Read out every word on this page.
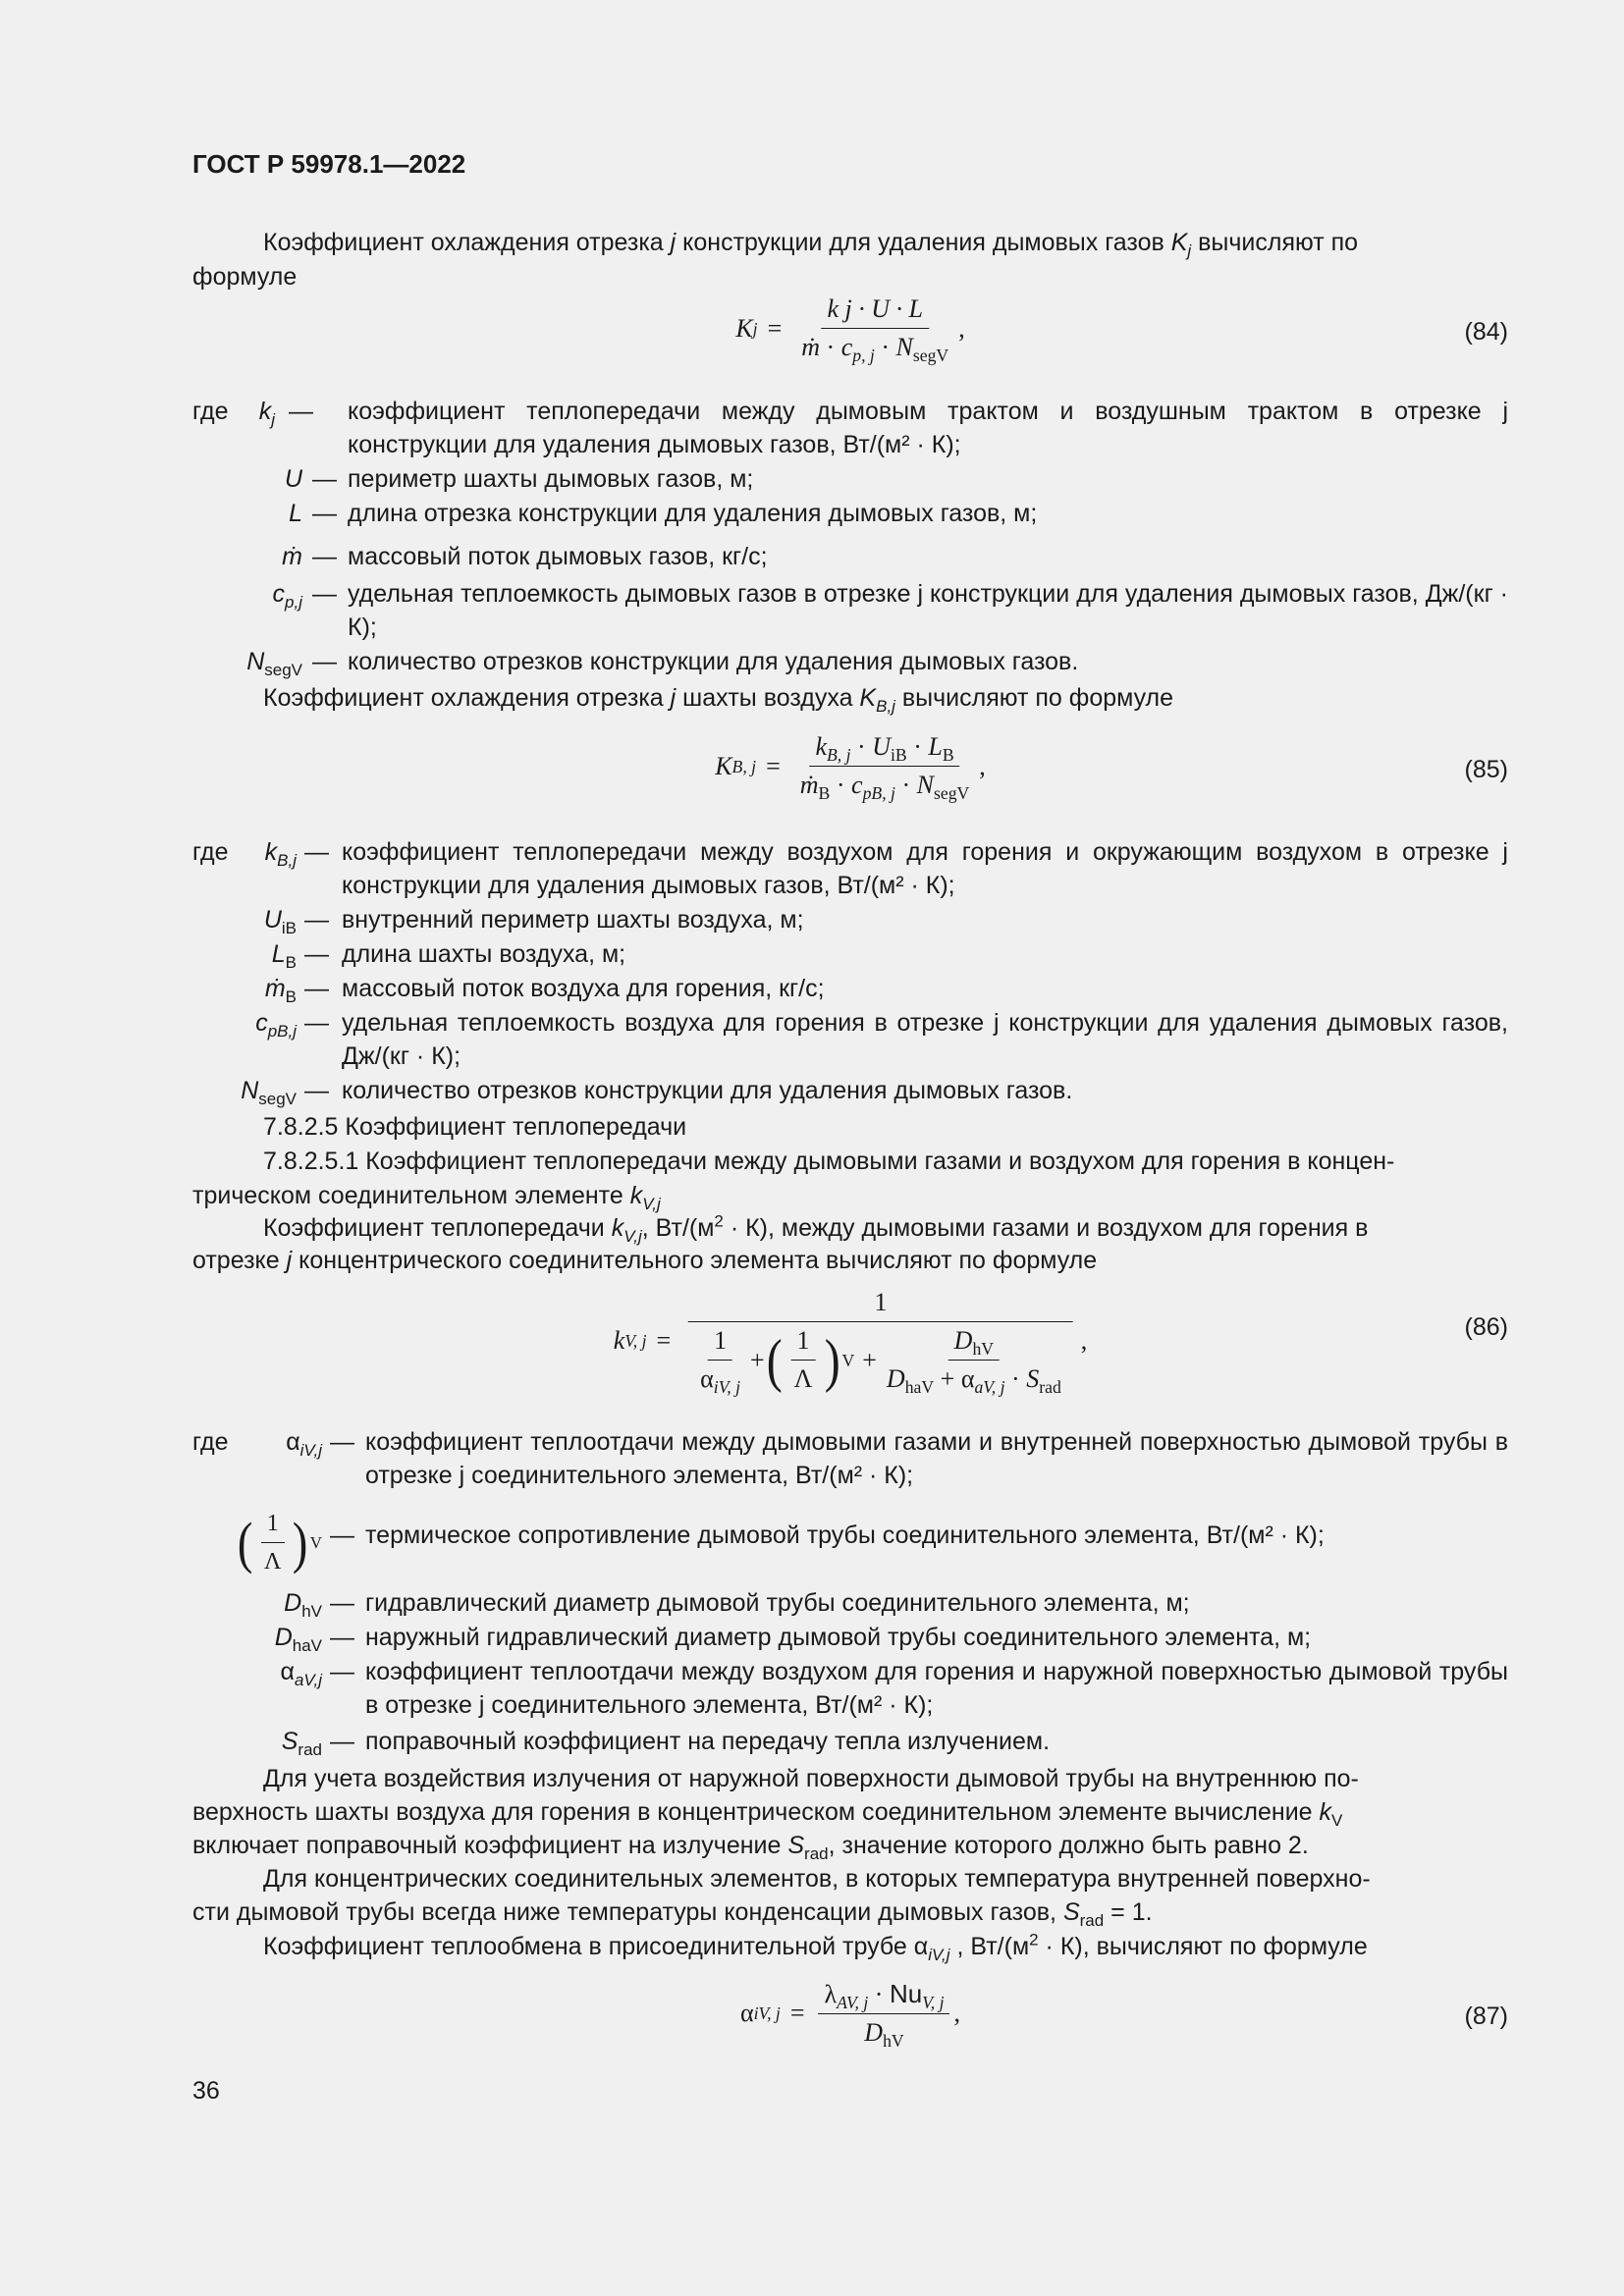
ГОСТ Р 59978.1—2022
Коэффициент охлаждения отрезка j конструкции для удаления дымовых газов $K_j$ вычисляют по
формуле
K $j = \frac{\text{k j · U · L}}{ṁ \cdot c_{p, j} \cdot N_{segV}}$ ,	(84)
где	$k_j$ — коэффициент теплопередачи между дымовым трактом и воздушным трактом в отрезке j конструкции для удаления дымовых газов, Вт/(м² · К);
U — периметр шахты дымовых газов, м;
L — длина отрезка конструкции для удаления дымовых газов, м;
ṁ — массовый поток дымовых газов, кг/с;
$c_{p,j}$ — удельная теплоемкость дымовых газов в отрезке j конструкции для удаления дымовых газов, Дж/(кг · К);
$N_{segV}$ — количество отрезков конструкции для удаления дымовых газов.
Коэффициент охлаждения отрезка j шахты воздуха $K_{B,j}$ вычисляют по формуле
K B, $j = \frac{k_{B, j} \cdot U_{iB} \cdot L_B}{ṁ_B \cdot c_{pB, j} \cdot N_{segV}}$ ,	(85)
где	$k_{B,j}$ — коэффициент теплопередачи между воздухом для горения и окружающим воздухом в отрезке j конструкции для удаления дымовых газов, Вт/(м² · К);
$U_{iB}$ — внутренний периметр шахты воздуха, м;
$L_B$ — длина шахты воздуха, м;
ṁ$_B$ — массовый поток воздуха для горения, кг/с;
$c_{pB,j}$ — удельная теплоемкость воздуха для горения в отрезке j конструкции для удаления дымовых газов, Дж/(кг · К);
$N_{segV}$ — количество отрезков конструкции для удаления дымовых газов.
7.8.2.5 Коэффициент теплопередачи
7.8.2.5.1 Коэффициент теплопередачи между дымовыми газами и воздухом для горения в концен-
трическом соединительном элементе $k_{V,j}$
Коэффициент теплопередачи $k_{V,j}$, $Вт/(м^2 \cdot К)$, между дымовыми газами и воздухом для горения в
отрезке j концентрического соединительного элемента вычисляют по формуле
k V, j =
1
$\frac{1}{\alpha_{iV, j}}$ + ( $\frac{1}{\Lambda}$ ) $V + \frac{D_{hV}}{D_{haV} + \alpha_{aV, j} \cdot S_{rad}}$ ,	(86)
где	$\alpha_{iV,j}$ — коэффициент теплоотдачи между дымовыми газами и внутренней поверхностью дымовой трубы в отрезке j соединительного элемента, Вт/(м² · К);
( $\frac{1}{\Lambda}$ ) V — термическое сопротивление дымовой трубы соединительного элемента, Вт/(м² · К);
$D_{hV}$ — гидравлический диаметр дымовой трубы соединительного элемента, м;
$D_{haV}$ — наружный гидравлический диаметр дымовой трубы соединительного элемента, м;
$\alpha_{aV,j}$ — коэффициент теплоотдачи между воздухом для горения и наружной поверхностью дымовой трубы в отрезке j соединительного элемента, Вт/(м² · К);
$S_{rad}$ — поправочный коэффициент на передачу тепла излучением.
Для учета воздействия излучения от наружной поверхности дымовой трубы на внутреннюю по-
верхность шахты воздуха для горения в концентрическом соединительном элементе вычисление $k_V$
включает поправочный коэффициент на излучение $S_{rad}$, значение которого должно быть равно 2.
Для концентрических соединительных элементов, в которых температура внутренней поверхно-
сти дымовой трубы всегда ниже температуры конденсации дымовых газов, $S_{rad} = 1$.
Коэффициент теплообмена в присоединительной трубе $\alpha_{iV,j}$ , $Вт/(м^2 \cdot К)$, вычисляют по формуле
α iV, $j = \frac{\lambda_{AV, j} \cdot Nu_{V, j}}{D_{hV}}$ ,	(87)
36
